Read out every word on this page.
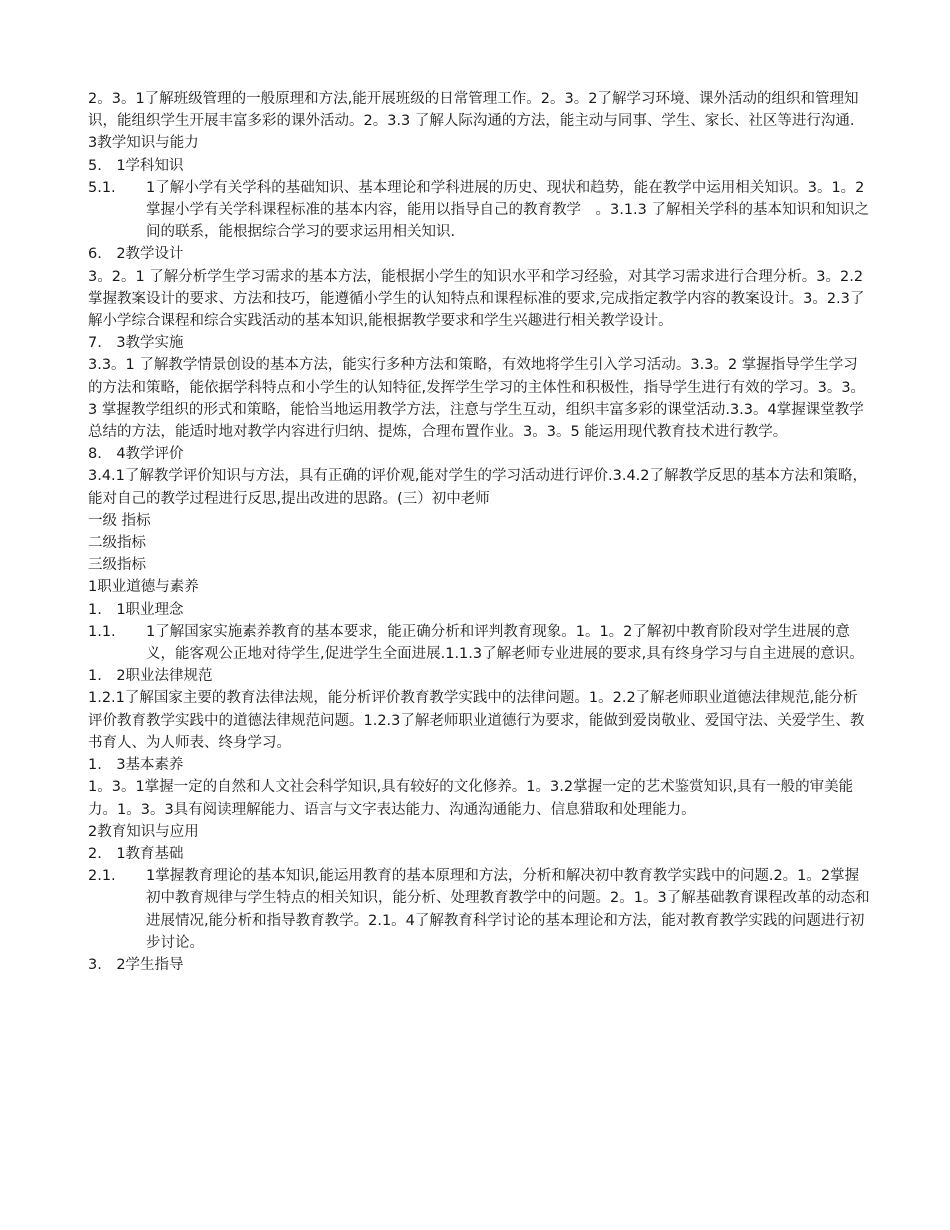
2。3。1了解班级管理的一般原理和方法,能开展班级的日常管理工作。2。3。2了解学习环境、课外活动的组织和管理知识，能组织学生开展丰富多彩的课外活动。2。3.3 了解人际沟通的方法，能主动与同事、学生、家长、社区等进行沟通.

3教学知识与能力

5.　1学科知识

5.1.	1了解小学有关学科的基础知识、基本理论和学科进展的历史、现状和趋势，能在教学中运用相关知识。3。1。2掌握小学有关学科课程标准的基本内容，能用以指导自己的教育教学　。3.1.3 了解相关学科的基本知识和知识之间的联系，能根据综合学习的要求运用相关知识.

6.　2教学设计

3。2。1 了解分析学生学习需求的基本方法，能根据小学生的知识水平和学习经验，对其学习需求进行合理分析。3。2.2 掌握教案设计的要求、方法和技巧，能遵循小学生的认知特点和课程标准的要求,完成指定教学内容的教案设计。3。2.3了解小学综合课程和综合实践活动的基本知识,能根据教学要求和学生兴趣进行相关教学设计。

7.　3教学实施

3.3。1 了解教学情景创设的基本方法，能实行多种方法和策略，有效地将学生引入学习活动。3.3。2 掌握指导学生学习的方法和策略，能依据学科特点和小学生的认知特征,发挥学生学习的主体性和积极性，指导学生进行有效的学习。3。3。3 掌握教学组织的形式和策略，能恰当地运用教学方法，注意与学生互动，组织丰富多彩的课堂活动.3.3。4掌握课堂教学总结的方法，能适时地对教学内容进行归纳、提炼，合理布置作业。3。3。5 能运用现代教育技术进行教学。

8.　4教学评价

3.4.1了解教学评价知识与方法，具有正确的评价观,能对学生的学习活动进行评价.3.4.2了解教学反思的基本方法和策略，能对自己的教学过程进行反思,提出改进的思路。(三）初中老师

一级 指标

二级指标

三级指标

1职业道德与素养

1.　1职业理念

1.1.	1了解国家实施素养教育的基本要求，能正确分析和评判教育现象。1。1。2了解初中教育阶段对学生进展的意义，能客观公正地对待学生,促进学生全面进展.1.1.3了解老师专业进展的要求,具有终身学习与自主进展的意识。

1.　2职业法律规范

1.2.1了解国家主要的教育法律法规，能分析评价教育教学实践中的法律问题。1。2.2了解老师职业道德法律规范,能分析评价教育教学实践中的道德法律规范问题。1.2.3了解老师职业道德行为要求，能做到爱岗敬业、爱国守法、关爱学生、教书育人、为人师表、终身学习。

1.　3基本素养

1。3。1掌握一定的自然和人文社会科学知识,具有较好的文化修养。1。3.2掌握一定的艺术鉴赏知识,具有一般的审美能力。1。3。3具有阅读理解能力、语言与文字表达能力、沟通沟通能力、信息猎取和处理能力。

2教育知识与应用

2.　1教育基础

2.1.	1掌握教育理论的基本知识,能运用教育的基本原理和方法，分析和解决初中教育教学实践中的问题.2。1。2掌握初中教育规律与学生特点的相关知识，能分析、处理教育教学中的问题。2。1。3了解基础教育课程改革的动态和进展情况,能分析和指导教育教学。2.1。4了解教育科学讨论的基本理论和方法，能对教育教学实践的问题进行初步讨论。

3.　2学生指导
